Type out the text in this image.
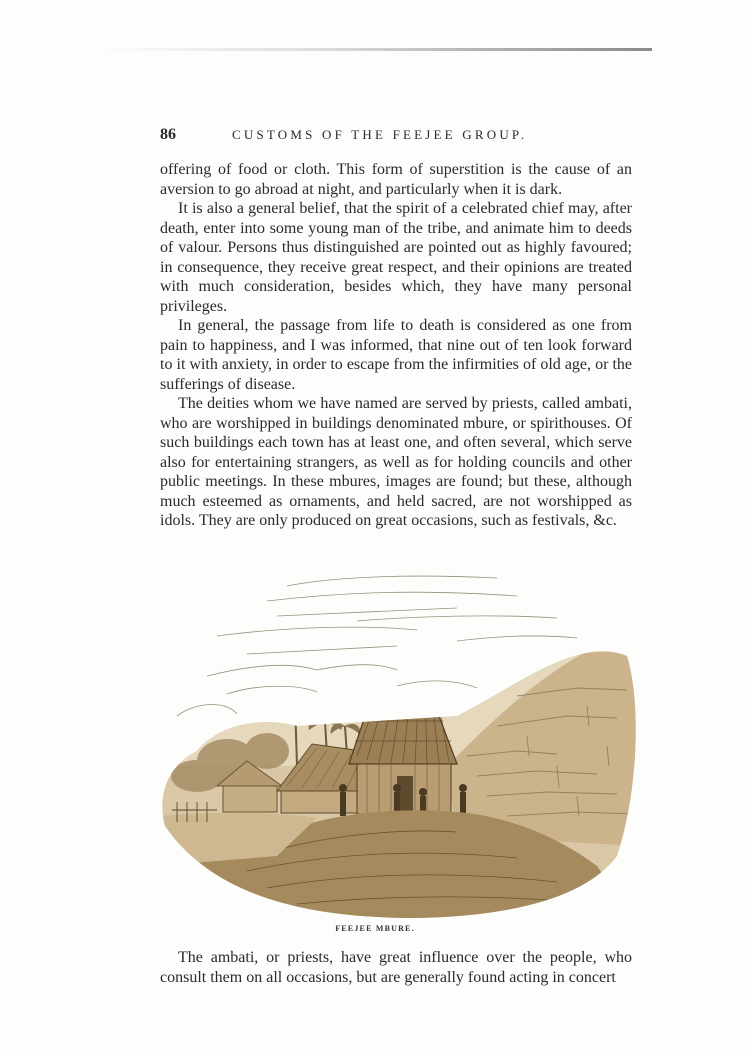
86	CUSTOMS OF THE FEEJEE GROUP.

offering of food or cloth. This form of superstition is the cause of an aversion to go abroad at night, and particularly when it is dark.

It is also a general belief, that the spirit of a celebrated chief may, after death, enter into some young man of the tribe, and animate him to deeds of valour. Persons thus distinguished are pointed out as highly favoured; in consequence, they receive great respect, and their opinions are treated with much consideration, besides which, they have many personal privileges.

In general, the passage from life to death is considered as one from pain to happiness, and I was informed, that nine out of ten look forward to it with anxiety, in order to escape from the infirmities of old age, or the sufferings of disease.

The deities whom we have named are served by priests, called ambati, who are worshipped in buildings denominated mbure, or spirithouses. Of such buildings each town has at least one, and often several, which serve also for entertaining strangers, as well as for holding councils and other public meetings. In these mbures, images are found; but these, although much esteemed as ornaments, and held sacred, are not worshipped as idols. They are only produced on great occasions, such as festivals, &c.

FEEJEE MBURE.

The ambati, or priests, have great influence over the people, who consult them on all occasions, but are generally found acting in concert
